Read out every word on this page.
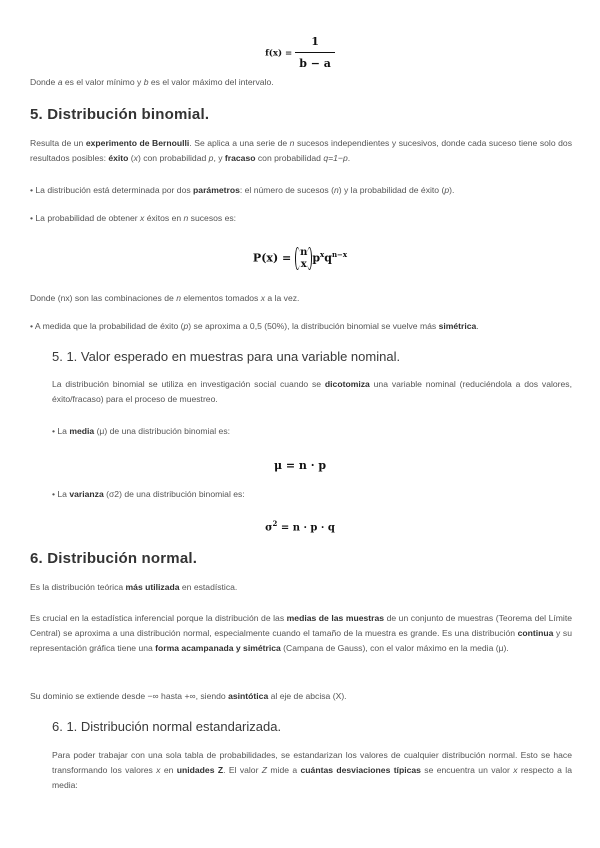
$f(x) = \frac{1}{b - a}$

Donde a es el valor mínimo y b es el valor máximo del intervalo.

5. Distribución binomial.

Resulta de un experimento de Bernoulli. Se aplica a una serie de n sucesos independientes y sucesivos, donde cada suceso tiene solo dos resultados posibles: éxito (x) con probabilidad p, y fracaso con probabilidad q=1−p.

• La distribución está determinada por dos parámetros: el número de sucesos (n) y la probabilidad de éxito (p).

• La probabilidad de obtener x éxitos en n sucesos es:

P(x) = n
x $p^xq^{n-x}$

Donde (nx) son las combinaciones de n elementos tomados x a la vez.

• A medida que la probabilidad de éxito (p) se aproxima a 0,5 (50%), la distribución binomial se vuelve más simétrica.

5. 1. Valor esperado en muestras para una variable nominal.

La distribución binomial se utiliza en investigación social cuando se dicotomiza una variable nominal (reduciéndola a dos valores, éxito/fracaso) para el proceso de muestreo.

• La media (μ) de una distribución binomial es:

μ = n · p

• La varianza (σ2) de una distribución binomial es:

$\sigma^2 = n \cdot p \cdot q$
6. Distribución normal.

Es la distribución teórica más utilizada en estadística.

Es crucial en la estadística inferencial porque la distribución de las medias de las muestras de un conjunto de muestras (Teorema del Límite Central) se aproxima a una distribución normal, especialmente cuando el tamaño de la muestra es grande. Es una distribución continua y su representación gráfica tiene una forma acampanada y simétrica (Campana de Gauss), con el valor máximo en la media (μ).

Su dominio se extiende desde −∞ hasta +∞, siendo asintótica al eje de abcisa (X).

6. 1. Distribución normal estandarizada.

Para poder trabajar con una sola tabla de probabilidades, se estandarizan los valores de cualquier distribución normal. Esto se hace transformando los valores x en unidades Z. El valor Z mide a cuántas desviaciones típicas se encuentra un valor x respecto a la media:
